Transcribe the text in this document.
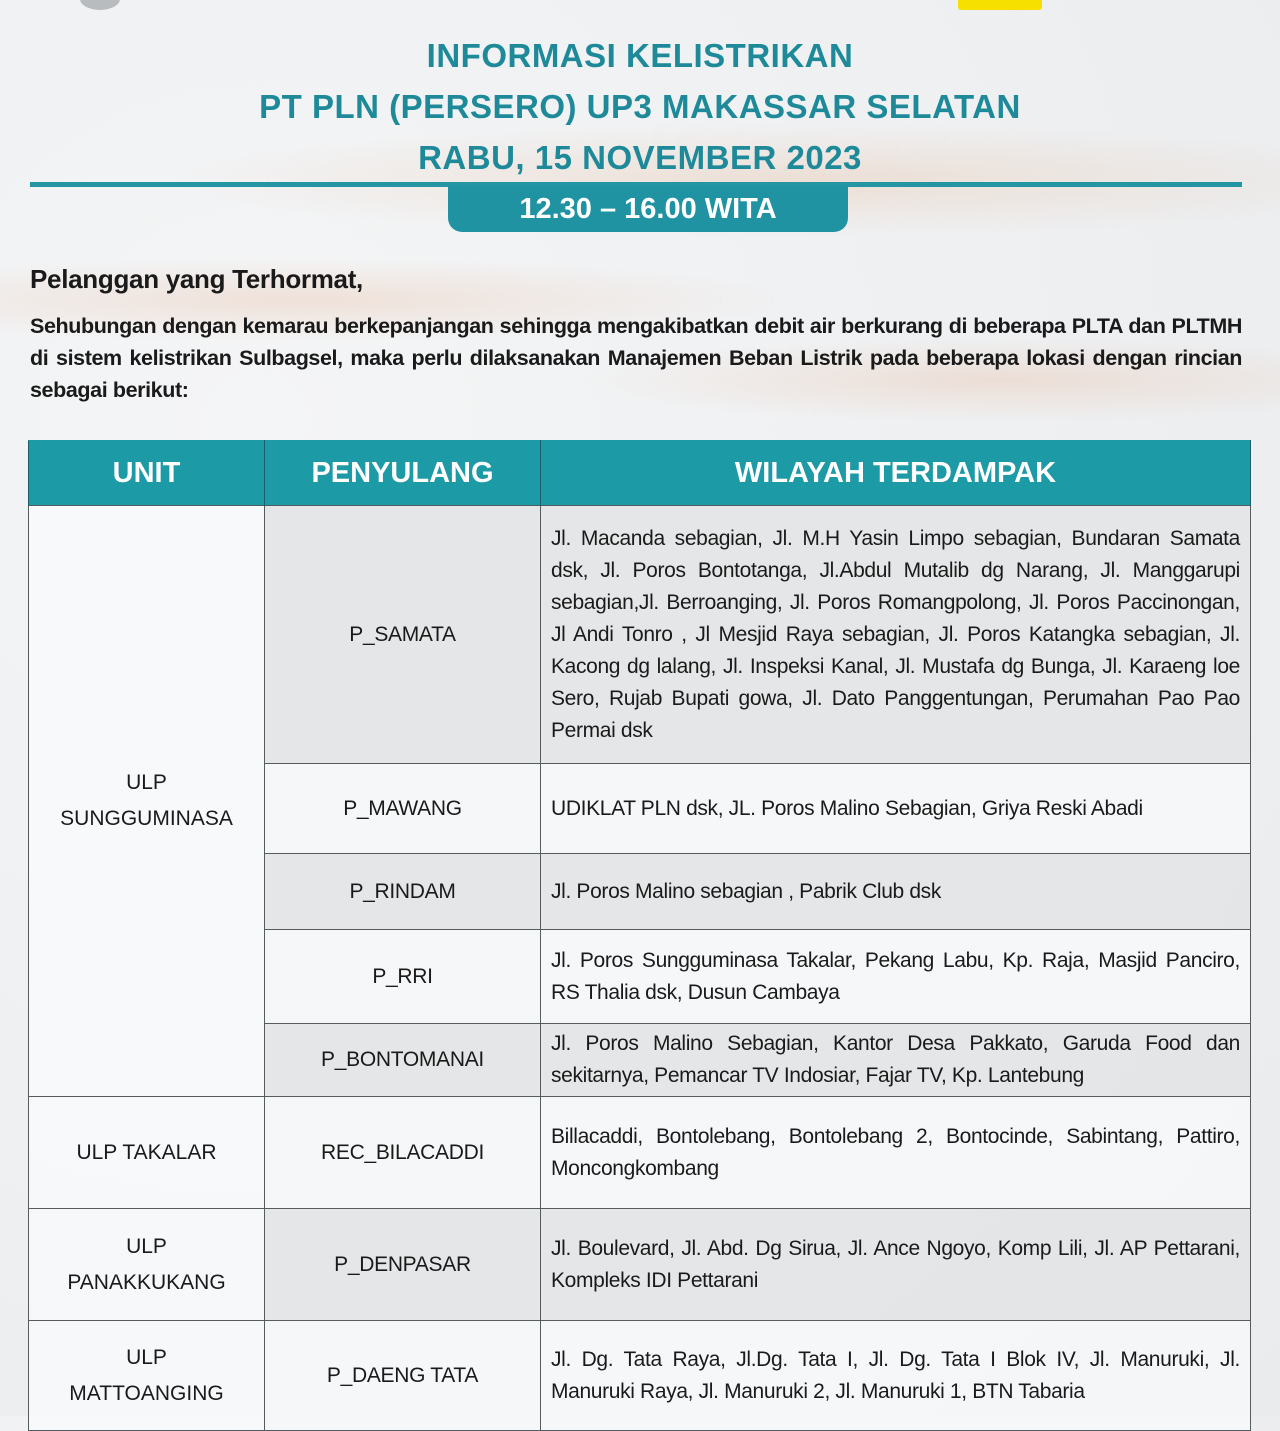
INFORMASI KELISTRIKAN
PT PLN (PERSERO) UP3 MAKASSAR SELATAN
RABU, 15 NOVEMBER 2023
12.30 – 16.00 WITA
Pelanggan yang Terhormat,
Sehubungan dengan kemarau berkepanjangan sehingga mengakibatkan debit air berkurang di beberapa PLTA dan PLTMH di sistem kelistrikan Sulbagsel, maka perlu dilaksanakan Manajemen Beban Listrik pada beberapa lokasi dengan rincian sebagai berikut:
UNIT	PENYULANG	WILAYAH TERDAMPAK

ULP
SUNGGUMINASA	P_SAMATA	Jl. Macanda sebagian, Jl. M.H Yasin Limpo sebagian, Bundaran Samata dsk, Jl. Poros Bontotanga, Jl.Abdul Mutalib dg Narang, Jl. Manggarupi sebagian,Jl. Berroanging, Jl. Poros Romangpolong, Jl. Poros Paccinongan, Jl Andi Tonro , Jl Mesjid Raya sebagian, Jl. Poros Katangka sebagian, Jl. Kacong dg lalang, Jl. Inspeksi Kanal, Jl. Mustafa dg Bunga, Jl. Karaeng loe Sero, Rujab Bupati gowa, Jl. Dato Panggentungan, Perumahan Pao Pao Permai dsk
	P_MAWANG	UDIKLAT PLN dsk, JL. Poros Malino Sebagian, Griya Reski Abadi
	P_RINDAM	Jl. Poros Malino sebagian , Pabrik Club dsk
	P_RRI	Jl. Poros Sungguminasa Takalar, Pekang Labu, Kp. Raja, Masjid Panciro, RS Thalia dsk, Dusun Cambaya
	P_BONTOMANAI	Jl. Poros Malino Sebagian, Kantor Desa Pakkato, Garuda Food dan sekitarnya, Pemancar TV Indosiar, Fajar TV, Kp. Lantebung

ULP TAKALAR	REC_BILACADDI	Billacaddi, Bontolebang, Bontolebang 2, Bontocinde, Sabintang, Pattiro, Moncongkombang

ULP
PANAKKUKANG	P_DENPASAR	Jl. Boulevard, Jl. Abd. Dg Sirua, Jl. Ance Ngoyo, Komp Lili, Jl. AP Pettarani, Kompleks IDI Pettarani

ULP
MATTOANGING	P_DAENG TATA	Jl. Dg. Tata Raya, Jl.Dg. Tata I, Jl. Dg. Tata I Blok IV, Jl. Manuruki, Jl. Manuruki Raya, Jl. Manuruki 2, Jl. Manuruki 1, BTN Tabaria
